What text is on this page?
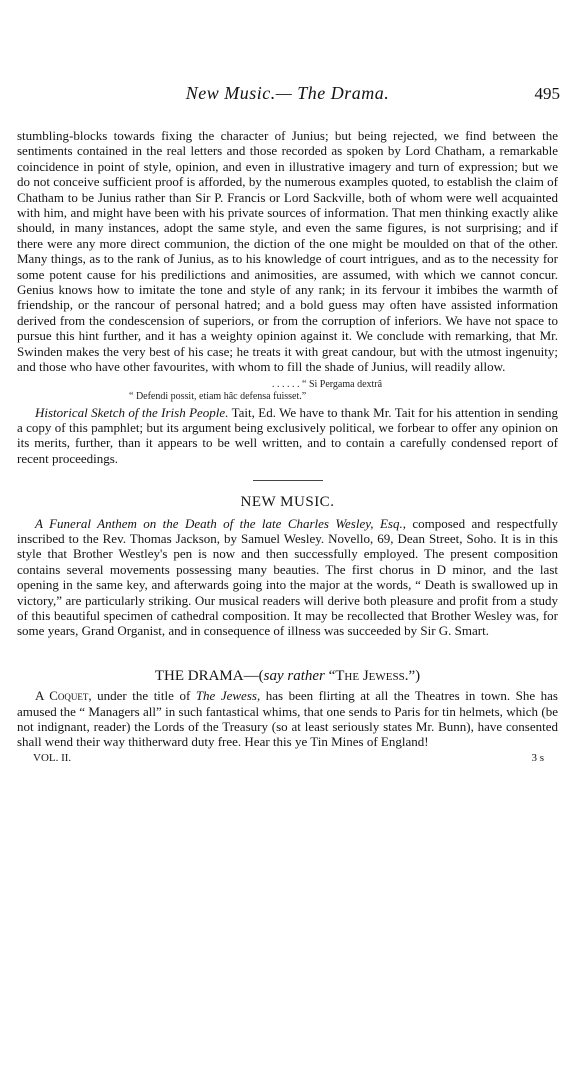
New Music.— The Drama.	495

stumbling-blocks towards fixing the character of Junius; but being rejected, we find between the sentiments contained in the real letters and those recorded as spoken by Lord Chatham, a remarkable coincidence in point of style, opinion, and even in illustrative imagery and turn of expression; but we do not conceive sufficient proof is afforded, by the numerous examples quoted, to establish the claim of Chatham to be Junius rather than Sir P. Francis or Lord Sackville, both of whom were well acquainted with him, and might have been with his private sources of information. That men thinking exactly alike should, in many instances, adopt the same style, and even the same figures, is not surprising; and if there were any more direct communion, the diction of the one might be moulded on that of the other. Many things, as to the rank of Junius, as to his knowledge of court intrigues, and as to the necessity for some potent cause for his predilictions and animosities, are assumed, with which we cannot concur. Genius knows how to imitate the tone and style of any rank; in its fervour it imbibes the warmth of friendship, or the rancour of personal hatred; and a bold guess may often have assisted information derived from the condescension of superiors, or from the corruption of inferiors. We have not space to pursue this hint further, and it has a weighty opinion against it. We conclude with remarking, that Mr. Swinden makes the very best of his case; he treats it with great candour, but with the utmost ingenuity; and those who have other favourites, with whom to fill the shade of Junius, will readily allow.

. . . . . . “ Si Pergama dextrâ
“ Defendi possit, etiam hâc defensa fuisset.”

Historical Sketch of the Irish People. Tait, Ed. We have to thank Mr. Tait for his attention in sending a copy of this pamphlet; but its argument being exclusively political, we forbear to offer any opinion on its merits, further, than it appears to be well written, and to contain a carefully condensed report of recent proceedings.

NEW MUSIC.

A Funeral Anthem on the Death of the late Charles Wesley, Esq., composed and respectfully inscribed to the Rev. Thomas Jackson, by Samuel Wesley. Novello, 69, Dean Street, Soho. It is in this style that Brother Westley's pen is now and then successfully employed. The present composition contains several movements possessing many beauties. The first chorus in D minor, and the last opening in the same key, and afterwards going into the major at the words, “ Death is swallowed up in victory,” are particularly striking. Our musical readers will derive both pleasure and profit from a study of this beautiful specimen of cathedral composition. It may be recollected that Brother Wesley was, for some years, Grand Organist, and in consequence of illness was succeeded by Sir G. Smart.

THE DRAMA—(say rather “The Jewess.”)

A Coquet, under the title of The Jewess, has been flirting at all the Theatres in town. She has amused the “ Managers all” in such fantastical whims, that one sends to Paris for tin helmets, which (be not indignant, reader) the Lords of the Treasury (so at least seriously states Mr. Bunn), have consented shall wend their way thitherward duty free. Hear this ye Tin Mines of England!

VOL. II.	3 s
